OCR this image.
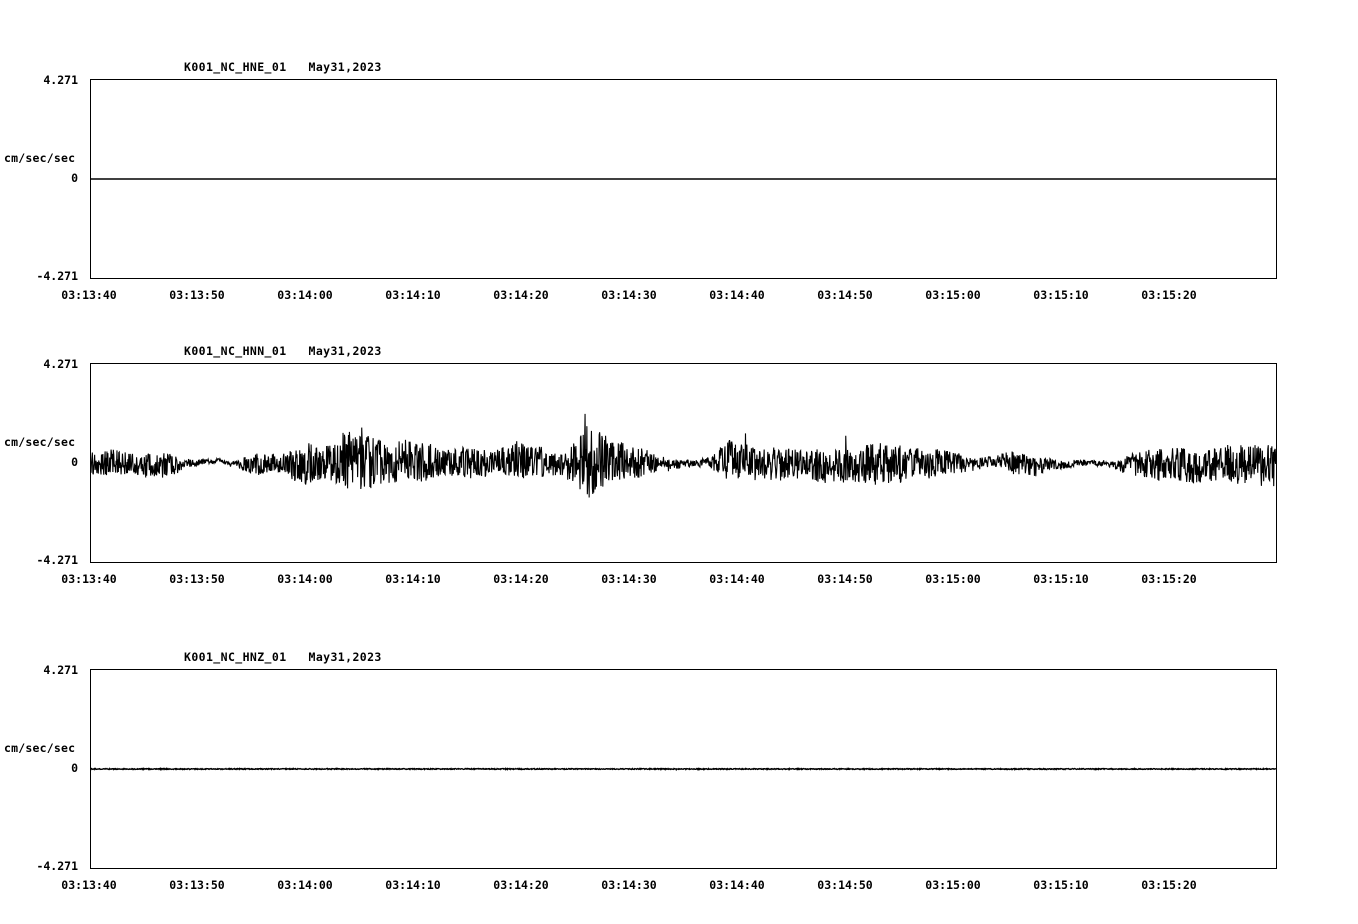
K001_NC_HNE_01   May31,2023
4.271
cm/sec/sec
0
-4.271
03:13:40	03:13:50	03:14:00	03:14:10	03:14:20	03:14:30	03:14:40	03:14:50	03:15:00	03:15:10	03:15:20
K001_NC_HNN_01   May31,2023
4.271
cm/sec/sec
0
-4.271
03:13:40	03:13:50	03:14:00	03:14:10	03:14:20	03:14:30	03:14:40	03:14:50	03:15:00	03:15:10	03:15:20
K001_NC_HNZ_01   May31,2023
4.271
cm/sec/sec
0
-4.271
03:13:40	03:13:50	03:14:00	03:14:10	03:14:20	03:14:30	03:14:40	03:14:50	03:15:00	03:15:10	03:15:20
